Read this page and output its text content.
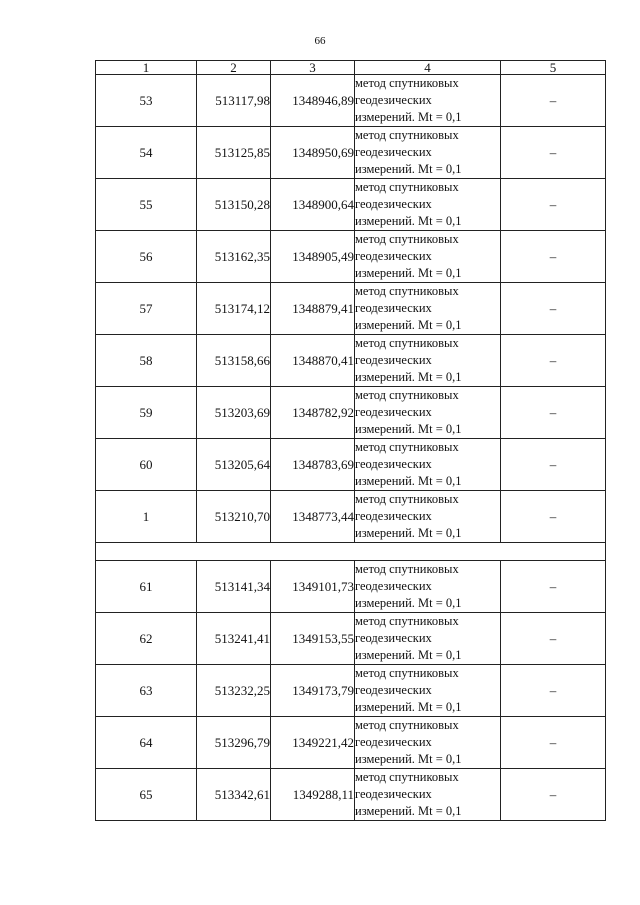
66
1	2	3	4	5
53	513117,98	1348946,89	метод спутниковых
геодезических
измерений. Mt = 0,1	–
54	513125,85	1348950,69	метод спутниковых
геодезических
измерений. Mt = 0,1	–
55	513150,28	1348900,64	метод спутниковых
геодезических
измерений. Mt = 0,1	–
56	513162,35	1348905,49	метод спутниковых
геодезических
измерений. Mt = 0,1	–
57	513174,12	1348879,41	метод спутниковых
геодезических
измерений. Mt = 0,1	–
58	513158,66	1348870,41	метод спутниковых
геодезических
измерений. Mt = 0,1	–
59	513203,69	1348782,92	метод спутниковых
геодезических
измерений. Mt = 0,1	–
60	513205,64	1348783,69	метод спутниковых
геодезических
измерений. Mt = 0,1	–
1	513210,70	1348773,44	метод спутниковых
геодезических
измерений. Mt = 0,1	–

61	513141,34	1349101,73	метод спутниковых
геодезических
измерений. Mt = 0,1	–
62	513241,41	1349153,55	метод спутниковых
геодезических
измерений. Mt = 0,1	–
63	513232,25	1349173,79	метод спутниковых
геодезических
измерений. Mt = 0,1	–
64	513296,79	1349221,42	метод спутниковых
геодезических
измерений. Mt = 0,1	–
65	513342,61	1349288,11	метод спутниковых
геодезических
измерений. Mt = 0,1	–
